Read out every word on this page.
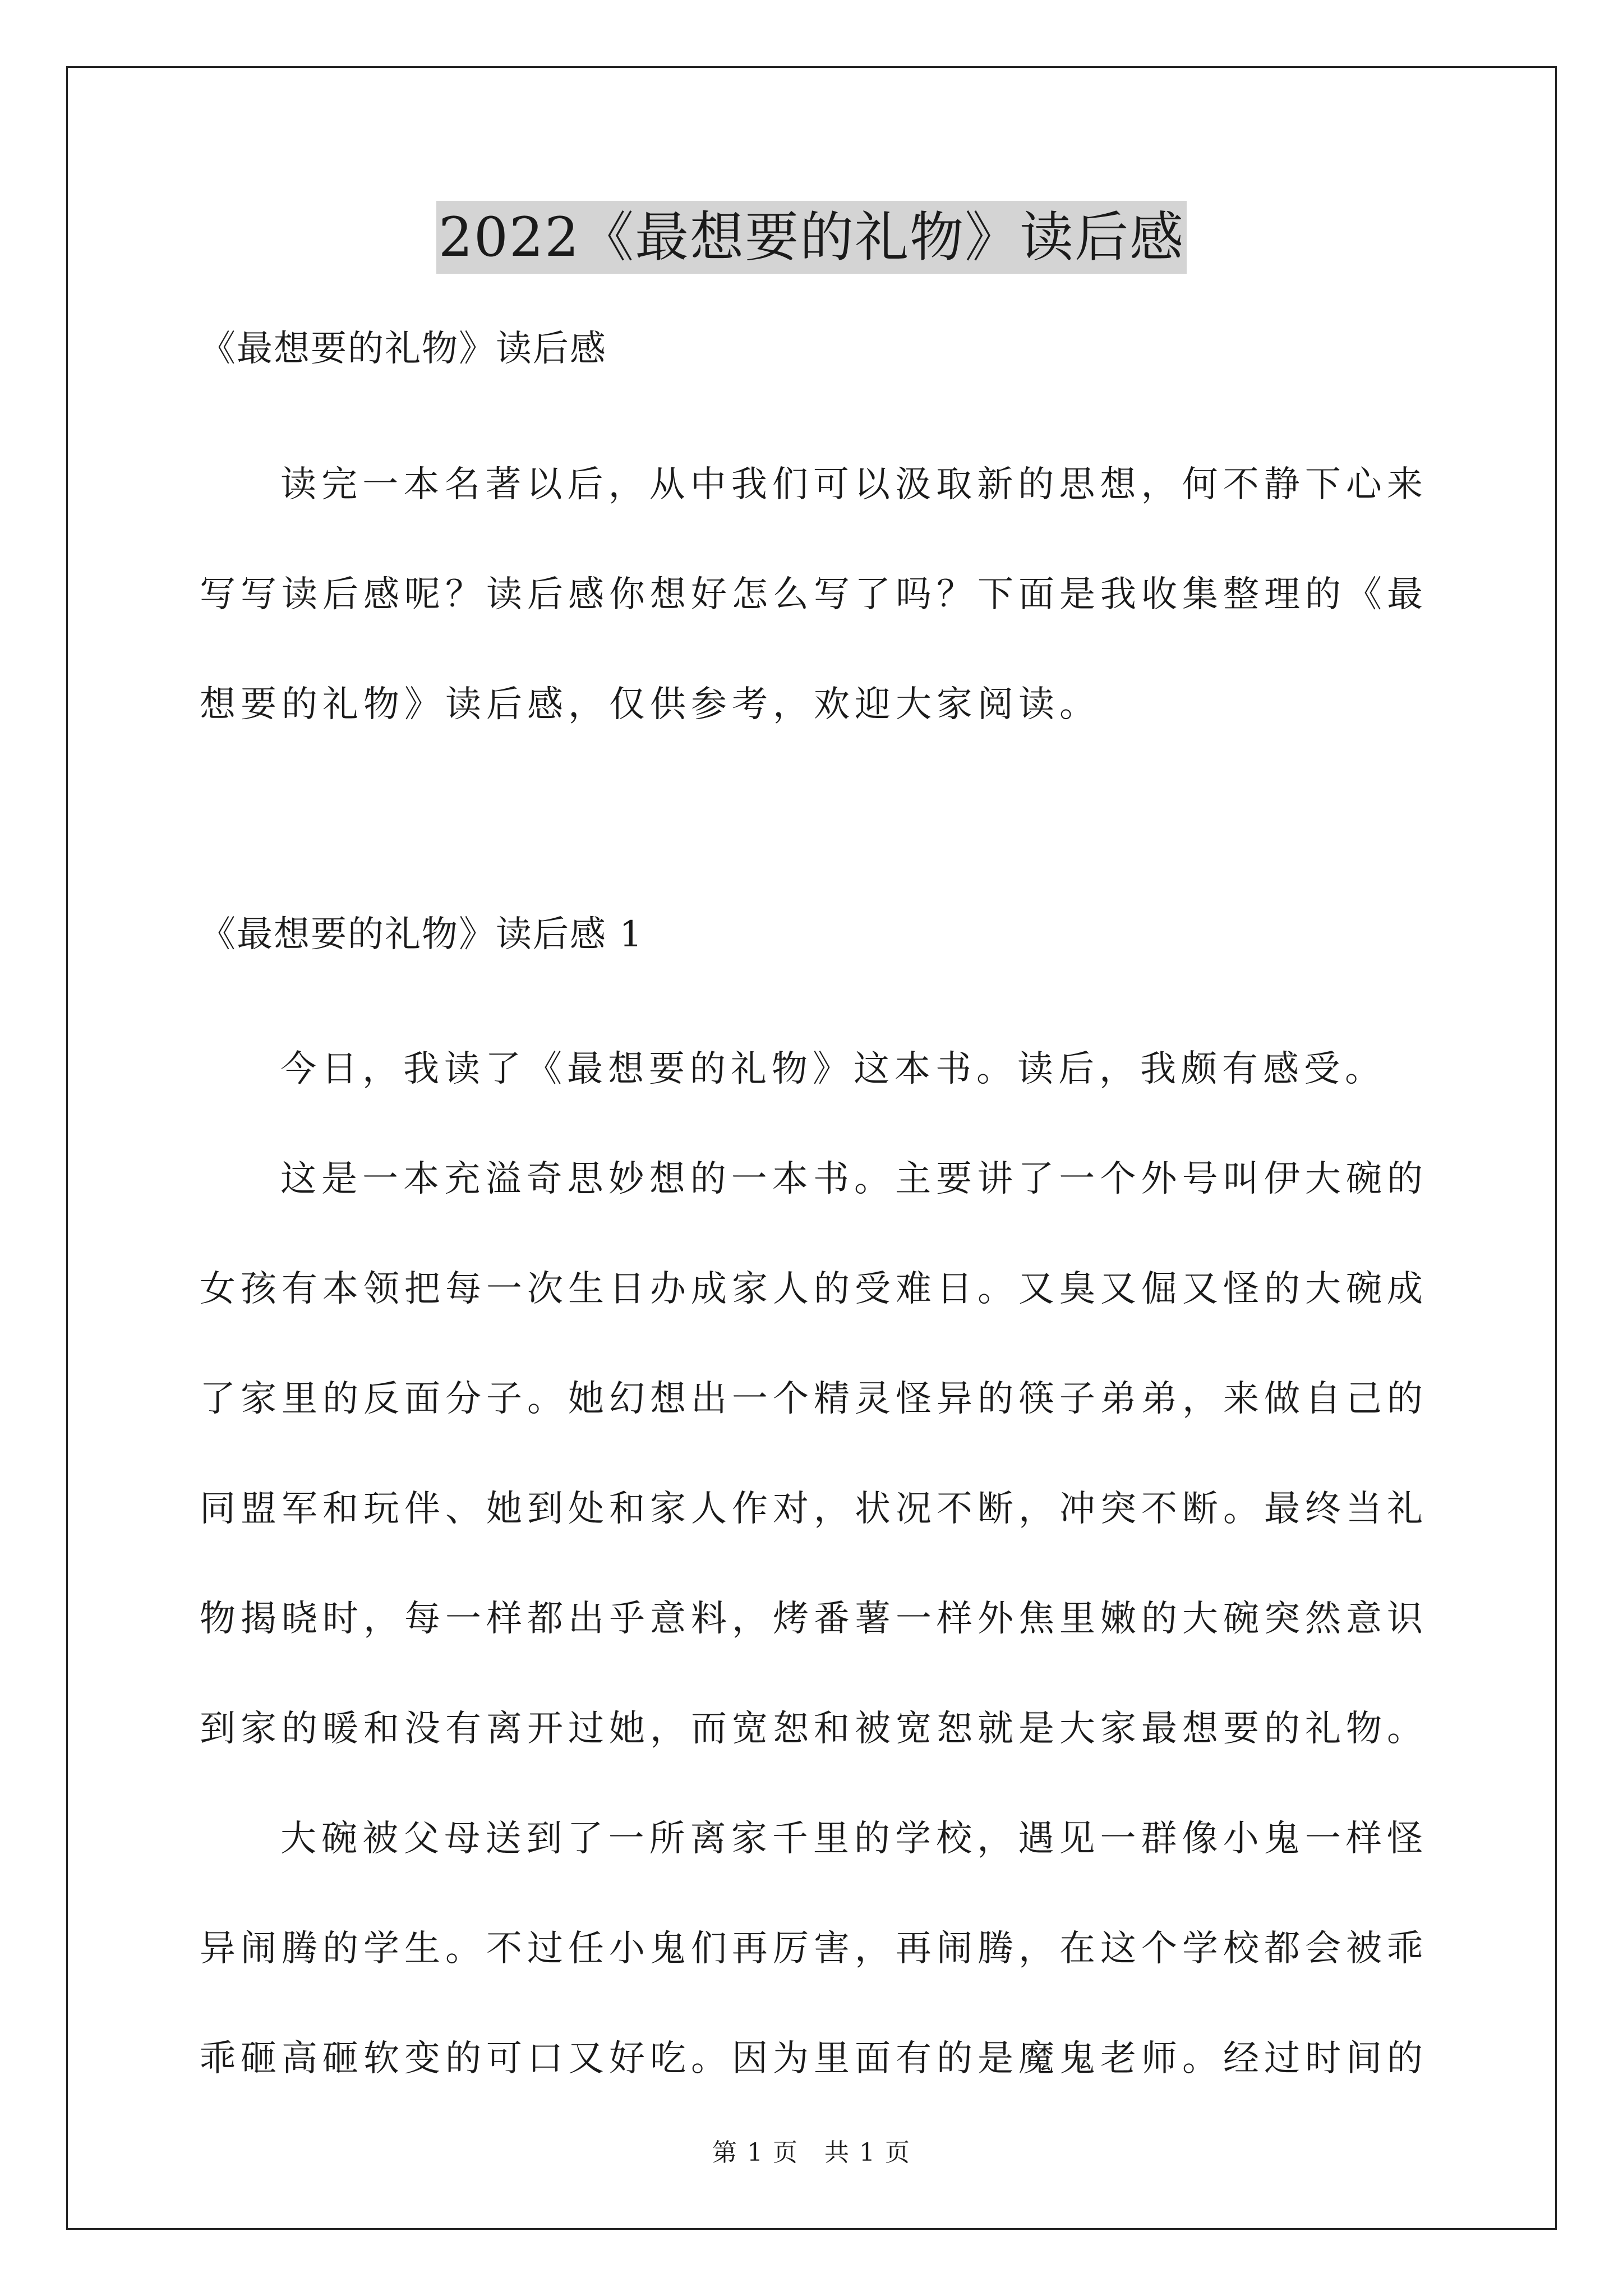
2022《最想要的礼物》读后感

《最想要的礼物》读后感

读完一本名著以后，从中我们可以汲取新的思想，何不静下心来写写读后感呢？读后感你想好怎么写了吗？下面是我收集整理的《最想要的礼物》读后感，仅供参考，欢迎大家阅读。

《最想要的礼物》读后感 1

今日，我读了《最想要的礼物》这本书。读后，我颇有感受。

这是一本充溢奇思妙想的一本书。主要讲了一个外号叫伊大碗的女孩有本领把每一次生日办成家人的受难日。又臭又倔又怪的大碗成了家里的反面分子。她幻想出一个精灵怪异的筷子弟弟，来做自己的同盟军和玩伴、她到处和家人作对，状况不断，冲突不断。最终当礼物揭晓时，每一样都出乎意料，烤番薯一样外焦里嫩的大碗突然意识到家的暖和没有离开过她，而宽恕和被宽恕就是大家最想要的礼物。

大碗被父母送到了一所离家千里的学校，遇见一群像小鬼一样怪异闹腾的学生。不过任小鬼们再厉害，再闹腾，在这个学校都会被乖乖砸高砸软变的可口又好吃。因为里面有的是魔鬼老师。经过时间的

第 1 页　共 1 页
